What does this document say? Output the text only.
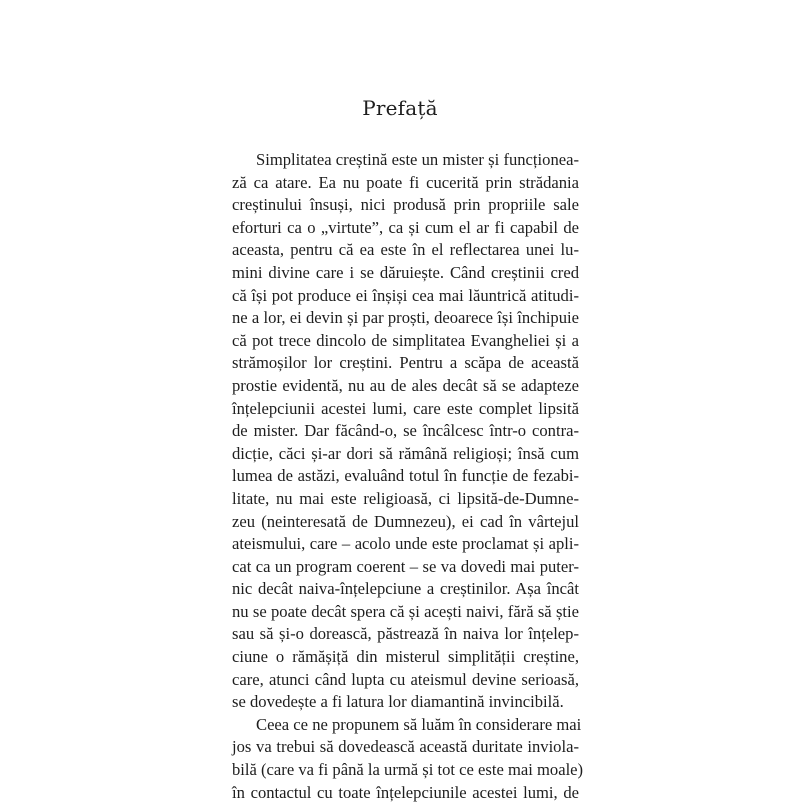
Prefață
Simplitatea creștină este un mister și funcționea-
ză ca atare. Ea nu poate fi cucerită prin strădania
creștinului însuși, nici produsă prin propriile sale
eforturi ca o „virtute”, ca și cum el ar fi capabil de
aceasta, pentru că ea este în el reflectarea unei lu-
mini divine care i se dăruiește. Când creștinii cred
că își pot produce ei înșiși cea mai lăuntrică atitudi-
ne a lor, ei devin și par proști, deoarece își închipuie
că pot trece dincolo de simplitatea Evangheliei și a
strămoșilor lor creștini. Pentru a scăpa de această
prostie evidentă, nu au de ales decât să se adapteze
înțelepciunii acestei lumi, care este complet lipsită
de mister. Dar făcând-o, se încâlcesc într-o contra-
dicție, căci și-ar dori să rămână religioși; însă cum
lumea de astăzi, evaluând totul în funcție de fezabi-
litate, nu mai este religioasă, ci lipsită-de-Dumne-
zeu (neinteresată de Dumnezeu), ei cad în vârtejul
ateismului, care – acolo unde este proclamat și apli-
cat ca un program coerent – se va dovedi mai puter-
nic decât naiva-înțelepciune a creștinilor. Așa încât
nu se poate decât spera că și acești naivi, fără să știe
sau să și-o dorească, păstrează în naiva lor înțelep-
ciune o rămășiță din misterul simplității creștine,
care, atunci când lupta cu ateismul devine serioasă,
se dovedește a fi latura lor diamantină invincibilă.
Ceea ce ne propunem să luăm în considerare mai
jos va trebui să dovedească această duritate inviola-
bilă (care va fi până la urmă și tot ce este mai moale)
în contactul cu toate înțelepciunile acestei lumi, de
